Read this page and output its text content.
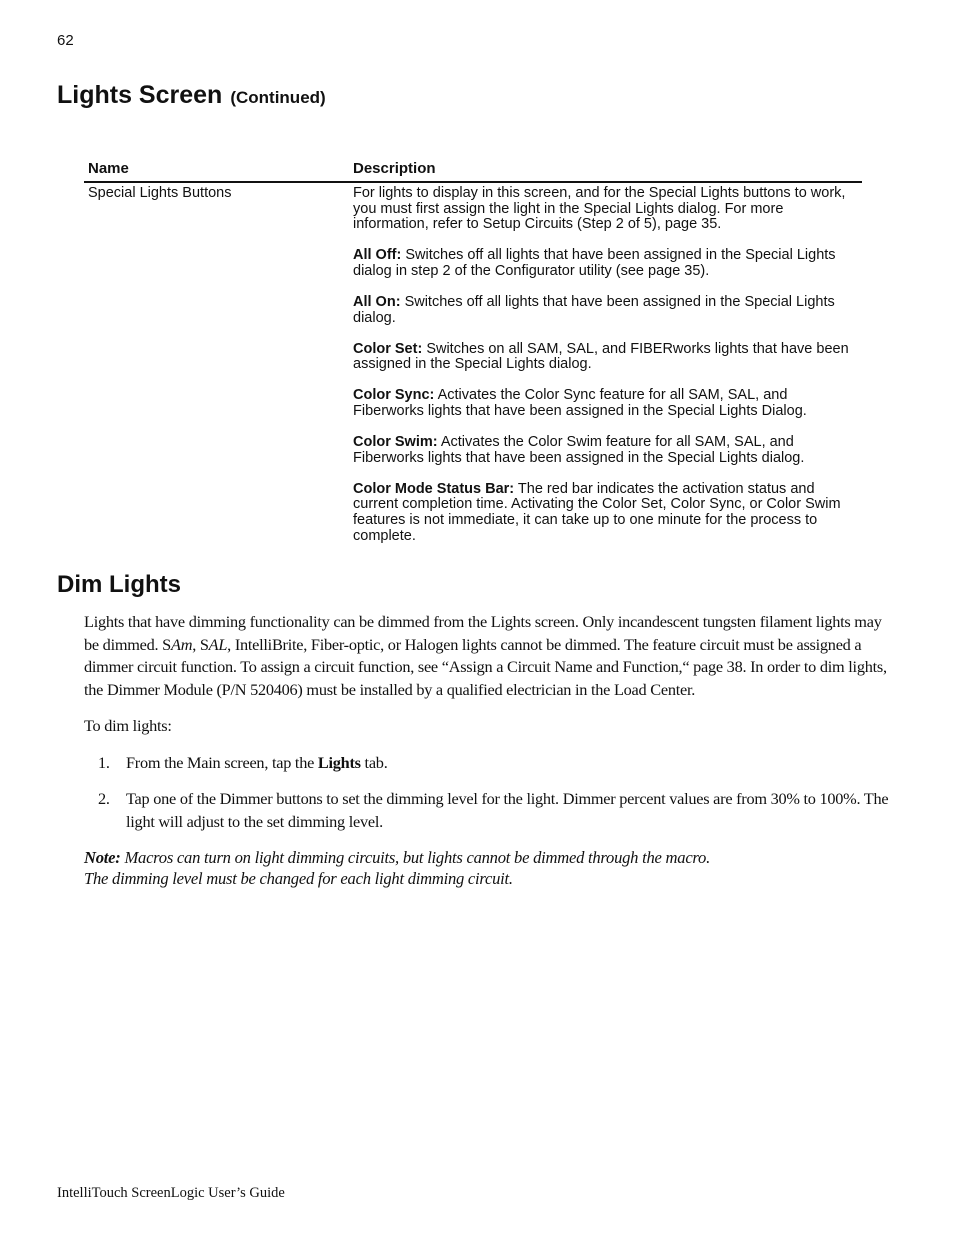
62
Lights Screen (Continued)
Name	Description
Special Lights Buttons	For lights to display in this screen, and for the Special Lights buttons to work, you must first assign the light in the Special Lights dialog. For more information, refer to Setup Circuits (Step 2 of 5), page 35.

All Off: Switches off all lights that have been assigned in the Special Lights dialog in step 2 of the Configurator utility (see page 35).

All On: Switches off all lights that have been assigned in the Special Lights dialog.

Color Set: Switches on all SAM, SAL, and FIBERworks lights that have been assigned in the Special Lights dialog.

Color Sync: Activates the Color Sync feature for all SAM, SAL, and Fiberworks lights that have been assigned in the Special Lights Dialog.

Color Swim: Activates the Color Swim feature for all SAM, SAL, and Fiberworks lights that have been assigned in the Special Lights dialog.

Color Mode Status Bar: The red bar indicates the activation status and current completion time. Activating the Color Set, Color Sync, or Color Swim features is not immediate, it can take up to one minute for the process to complete.

Dim Lights

Lights that have dimming functionality can be dimmed from the Lights screen. Only incandescent tungsten filament lights may be dimmed. SAm, SAL, IntelliBrite, Fiber-optic, or Halogen lights cannot be dimmed. The feature circuit must be assigned a dimmer circuit function. To assign a circuit function, see “Assign a Circuit Name and Function,“ page 38. In order to dim lights, the Dimmer Module (P/N 520406) must be installed by a qualified electrician in the Load Center.

To dim lights:

1. From the Main screen, tap the Lights tab.
2. Tap one of the Dimmer buttons to set the dimming level for the light. Dimmer percent values are from 30% to 100%. The light will adjust to the set dimming level.

Note: Macros can turn on light dimming circuits, but lights cannot be dimmed through the macro.
The dimming level must be changed for each light dimming circuit.

IntelliTouch ScreenLogic User’s Guide
